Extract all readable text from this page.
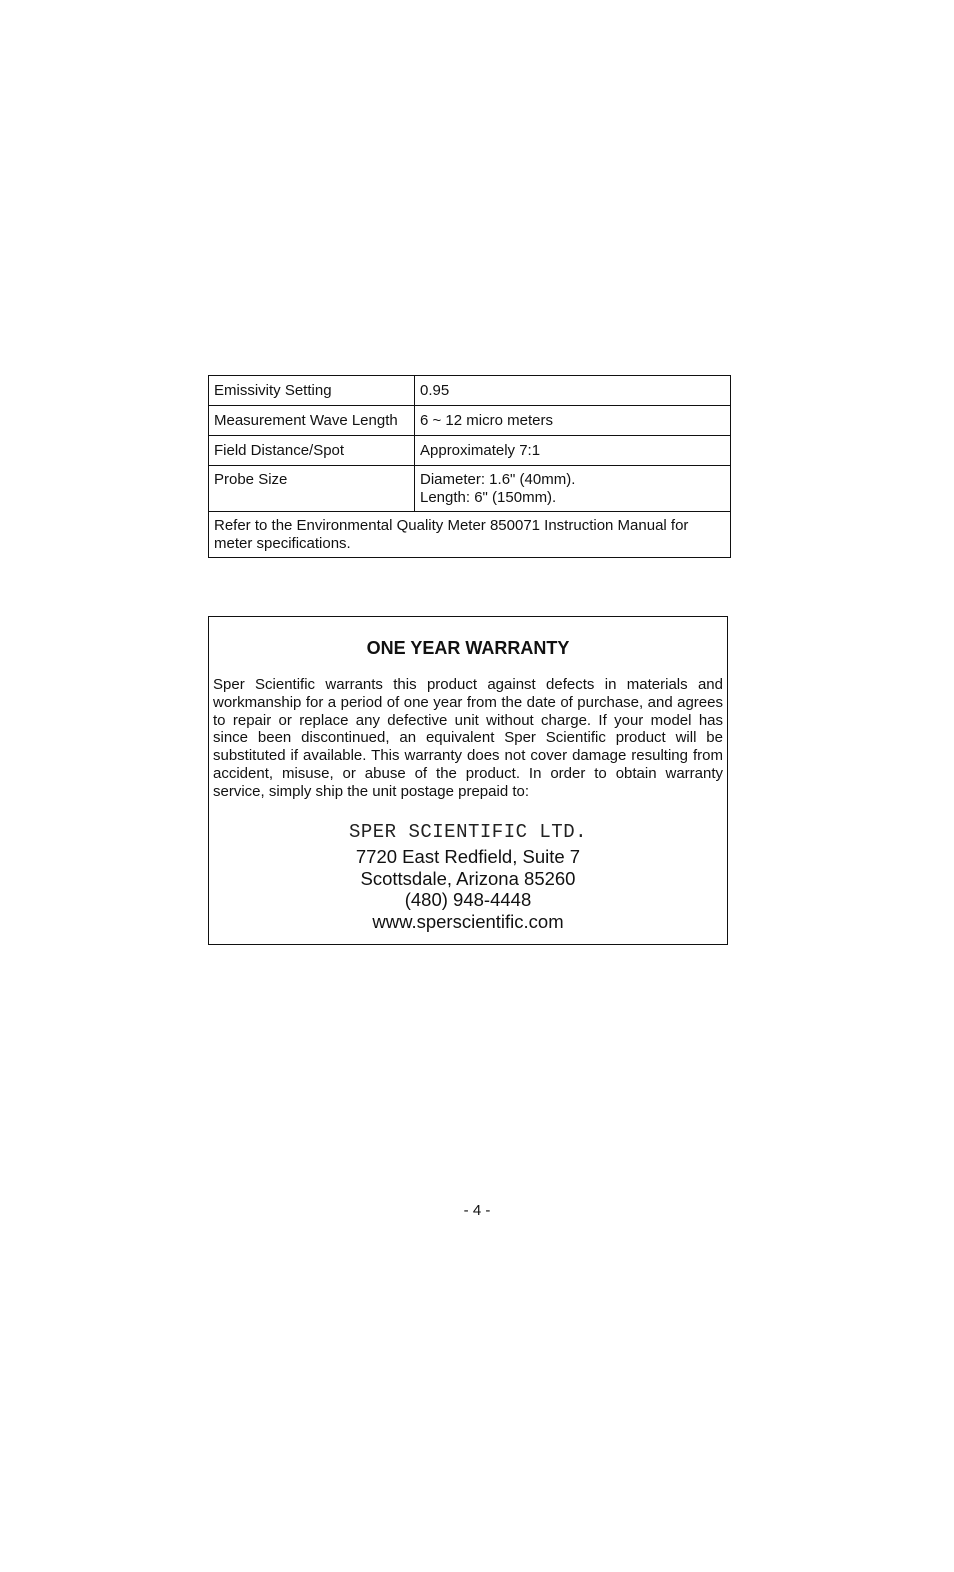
Emissivity Setting	0.95
Measurement Wave Length	6 ~ 12 micro meters
Field Distance/Spot	Approximately 7:1
Probe Size	Diameter: 1.6" (40mm).
Length: 6" (150mm).

Refer to the Environmental Quality Meter 850071 Instruction Manual for meter specifications.	
ONE YEAR WARRANTY
Sper Scientific warrants this product against defects in materials and workmanship for a period of one year from the date of purchase, and agrees to repair or replace any defective unit without charge. If your model has since been discontinued, an equivalent Sper Scientific product will be substituted if available. This warranty does not cover damage resulting from accident, misuse, or abuse of the product. In order to obtain warranty service, simply ship the unit postage prepaid to:
SPER SCIENTIFIC LTD.
7720 East Redfield, Suite 7
Scottsdale, Arizona 85260
(480) 948-4448
www.sperscientific.com
- 4 -
